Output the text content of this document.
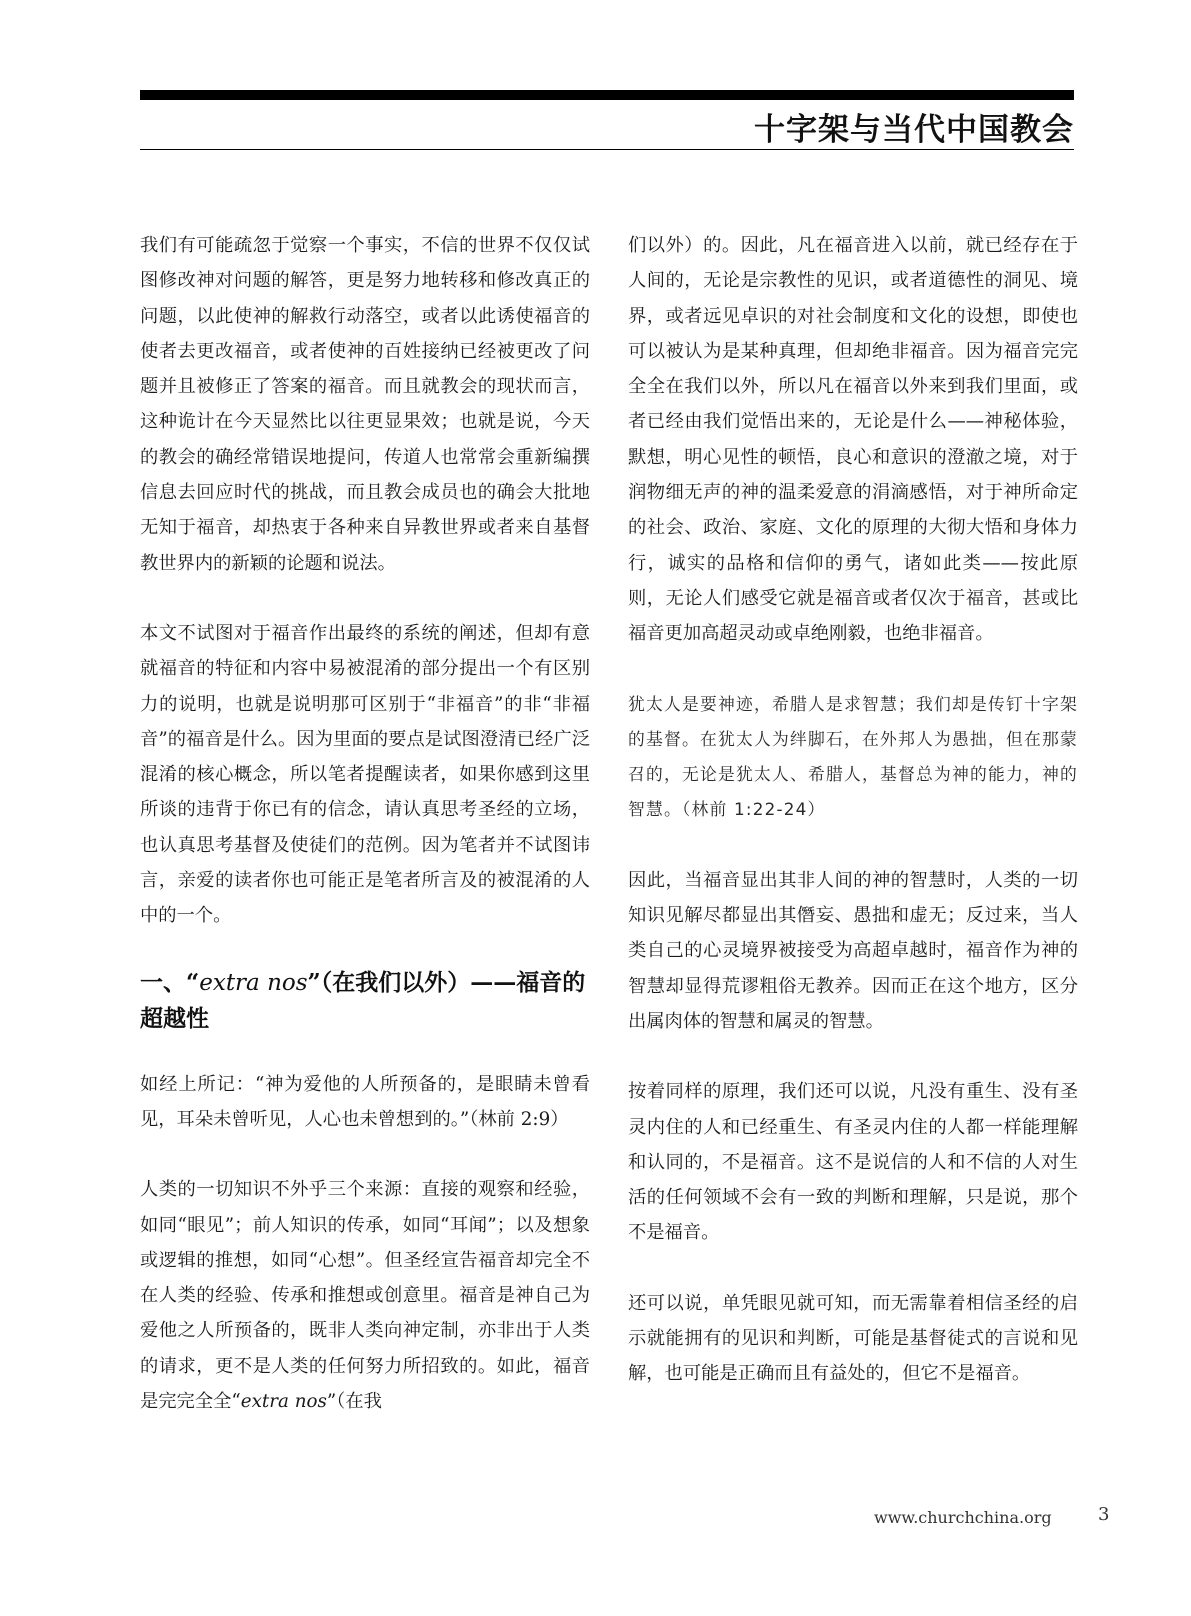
十字架与当代中国教会

我们有可能疏忽于觉察一个事实，不信的世界不仅仅试图修改神对问题的解答，更是努力地转移和修改真正的问题，以此使神的解救行动落空，或者以此诱使福音的使者去更改福音，或者使神的百姓接纳已经被更改了问题并且被修正了答案的福音。而且就教会的现状而言，这种诡计在今天显然比以往更显果效；也就是说，今天的教会的确经常错误地提问，传道人也常常会重新编撰信息去回应时代的挑战，而且教会成员也的确会大批地无知于福音，却热衷于各种来自异教世界或者来自基督教世界内的新颖的论题和说法。

本文不试图对于福音作出最终的系统的阐述，但却有意就福音的特征和内容中易被混淆的部分提出一个有区别力的说明，也就是说明那可区别于“非福音”的非“非福音”的福音是什么。因为里面的要点是试图澄清已经广泛混淆的核心概念，所以笔者提醒读者，如果你感到这里所谈的违背于你已有的信念，请认真思考圣经的立场，也认真思考基督及使徒们的范例。因为笔者并不试图讳言，亲爱的读者你也可能正是笔者所言及的被混淆的人中的一个。

一、“extra nos”（在我们以外）——福音的超越性

如经上所记：“神为爱他的人所预备的，是眼睛未曾看见，耳朵未曾听见，人心也未曾想到的。”（林前 2:9）

人类的一切知识不外乎三个来源：直接的观察和经验，如同“眼见”；前人知识的传承，如同“耳闻”；以及想象或逻辑的推想，如同“心想”。但圣经宣告福音却完全不在人类的经验、传承和推想或创意里。福音是神自己为爱他之人所预备的，既非人类向神定制，亦非出于人类的请求，更不是人类的任何努力所招致的。如此，福音是完完全全“extra nos”（在我

们以外）的。因此，凡在福音进入以前，就已经存在于人间的，无论是宗教性的见识，或者道德性的洞见、境界，或者远见卓识的对社会制度和文化的设想，即使也可以被认为是某种真理，但却绝非福音。因为福音完完全全在我们以外，所以凡在福音以外来到我们里面，或者已经由我们觉悟出来的，无论是什么——神秘体验，默想，明心见性的顿悟，良心和意识的澄澈之境，对于润物细无声的神的温柔爱意的涓滴感悟，对于神所命定的社会、政治、家庭、文化的原理的大彻大悟和身体力行，诚实的品格和信仰的勇气，诸如此类——按此原则，无论人们感受它就是福音或者仅次于福音，甚或比福音更加高超灵动或卓绝刚毅，也绝非福音。

犹太人是要神迹，希腊人是求智慧；我们却是传钉十字架的基督。在犹太人为绊脚石，在外邦人为愚拙，但在那蒙召的，无论是犹太人、希腊人，基督总为神的能力，神的智慧。（林前 1:22-24）

因此，当福音显出其非人间的神的智慧时，人类的一切知识见解尽都显出其僭妄、愚拙和虚无；反过来，当人类自己的心灵境界被接受为高超卓越时，福音作为神的智慧却显得荒谬粗俗无教养。因而正在这个地方，区分出属肉体的智慧和属灵的智慧。

按着同样的原理，我们还可以说，凡没有重生、没有圣灵内住的人和已经重生、有圣灵内住的人都一样能理解和认同的，不是福音。这不是说信的人和不信的人对生活的任何领域不会有一致的判断和理解，只是说，那个不是福音。

还可以说，单凭眼见就可知，而无需靠着相信圣经的启示就能拥有的见识和判断，可能是基督徒式的言说和见解，也可能是正确而且有益处的，但它不是福音。

www.churchchina.org	3
